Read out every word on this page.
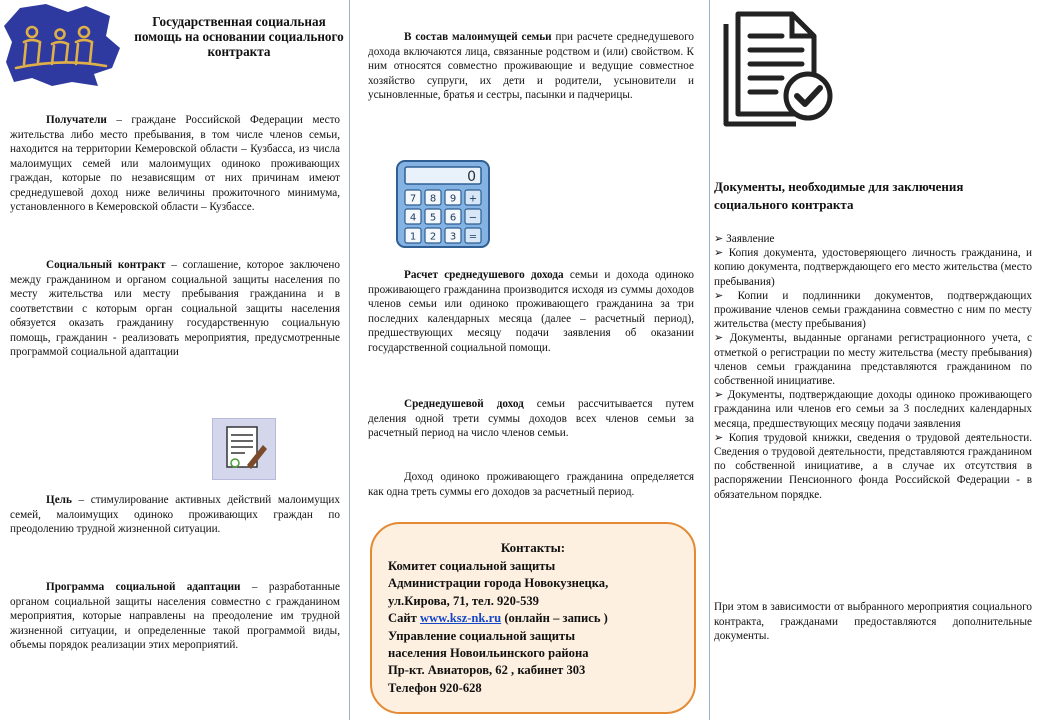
Государственная социальная помощь на основании социального контракта
Получатели – граждане Российской Федерации место жительства либо место пребывания, в том числе членов семьи, находится на территории Кемеровской области – Кузбасса, из числа малоимущих семей или малоимущих одиноко проживающих граждан, которые по независящим от них причинам имеют среднедушевой доход ниже величины прожиточного минимума, установленного в Кемеровской области – Кузбассе.
Социальный контракт – соглашение, которое заключено между гражданином и органом социальной защиты населения по месту жительства или месту пребывания гражданина и в соответствии с которым орган социальной защиты населения обязуется оказать гражданину государственную социальную помощь, гражданин - реализовать мероприятия, предусмотренные программой социальной адаптации
Цель – стимулирование активных действий малоимущих семей, малоимущих одиноко проживающих граждан по преодолению трудной жизненной ситуации.
Программа социальной адаптации – разработанные органом социальной защиты населения совместно с гражданином мероприятия, которые направлены на преодоление им трудной жизненной ситуации, и определенные такой программой виды, объемы порядок реализации этих мероприятий.
В состав малоимущей семьи при расчете среднедушевого дохода включаются лица, связанные родством и (или) свойством. К ним относятся совместно проживающие и ведущие совместное хозяйство супруги, их дети и родители, усыновители и усыновленные, братья и сестры, пасынки и падчерицы.
0
7 8 9 +
4 5 6 −
1 2 3 =
Расчет среднедушевого дохода семьи и дохода одиноко проживающего гражданина производится исходя из суммы доходов членов семьи или одиноко проживающего гражданина за три последних календарных месяца (далее – расчетный период), предшествующих месяцу подачи заявления об оказании государственной социальной помощи.
Среднедушевой доход семьи рассчитывается путем деления одной трети суммы доходов всех членов семьи за расчетный период на число членов семьи.
Доход одиноко проживающего гражданина определяется как одна треть суммы его доходов за расчетный период.
Контакты:
Комитет социальной защиты
Администрации города Новокузнецка,
ул.Кирова, 71, тел. 920-539
Сайт www.ksz-nk.ru (онлайн – запись )
Управление социальной защиты
населения Новоильинского района
Пр-кт. Авиаторов, 62 , кабинет 303
Телефон 920-628
Документы, необходимые для заключения социального контракта
➢ Заявление
➢ Копия документа, удостоверяющего личность гражданина, и копию документа, подтверждающего его место жительства (место пребывания)
➢ Копии и подлинники документов, подтверждающих проживание членов семьи гражданина совместно с ним по месту жительства (месту пребывания)
➢ Документы, выданные органами регистрационного учета, с отметкой о регистрации по месту жительства (месту пребывания) членов семьи гражданина представляются гражданином по собственной инициативе.
➢ Документы, подтверждающие доходы одиноко проживающего гражданина или членов его семьи за 3 последних календарных месяца, предшествующих месяцу подачи заявления
➢ Копия трудовой книжки, сведения о трудовой деятельности. Сведения о трудовой деятельности, представляются гражданином по собственной инициативе, а в случае их отсутствия в распоряжении Пенсионного фонда Российской Федерации - в обязательном порядке.
При этом в зависимости от выбранного мероприятия социального контракта, гражданами предоставляются дополнительные документы.
